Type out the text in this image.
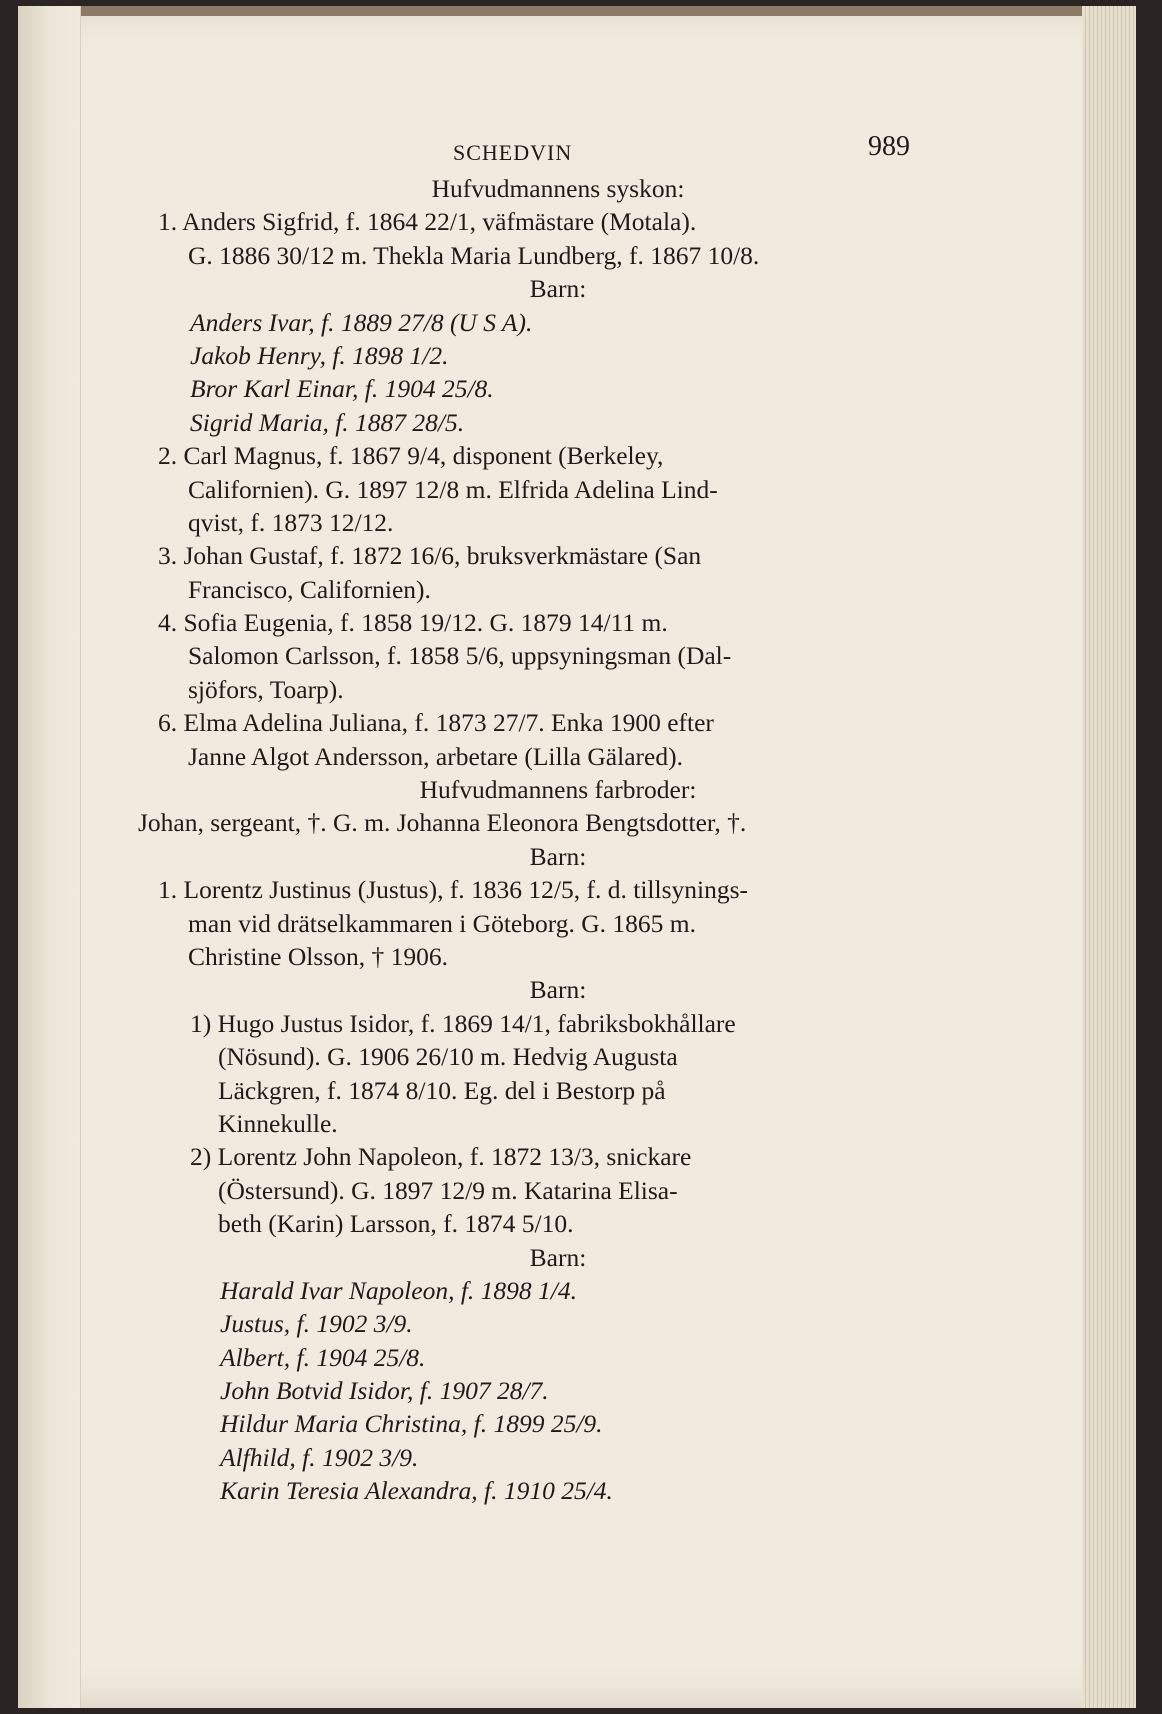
SCHEDVIN	989
Hufvudmannens syskon:
1. Anders Sigfrid, f. 1864 22/1, väfmästare (Motala).
G. 1886 30/12 m. Thekla Maria Lundberg, f. 1867 10/8.
Barn:
Anders Ivar, f. 1889 27/8 (U S A).
Jakob Henry, f. 1898 1/2.
Bror Karl Einar, f. 1904 25/8.
Sigrid Maria, f. 1887 28/5.
2. Carl Magnus, f. 1867 9/4, disponent (Berkeley,
Californien). G. 1897 12/8 m. Elfrida Adelina Lind-
qvist, f. 1873 12/12.
3. Johan Gustaf, f. 1872 16/6, bruksverkmästare (San
Francisco, Californien).
4. Sofia Eugenia, f. 1858 19/12. G. 1879 14/11 m.
Salomon Carlsson, f. 1858 5/6, uppsyningsman (Dal-
sjöfors, Toarp).
6. Elma Adelina Juliana, f. 1873 27/7. Enka 1900 efter
Janne Algot Andersson, arbetare (Lilla Gälared).
Hufvudmannens farbroder:
Johan, sergeant, †. G. m. Johanna Eleonora Bengtsdotter, †.
Barn:
1. Lorentz Justinus (Justus), f. 1836 12/5, f. d. tillsynings-
man vid drätselkammaren i Göteborg. G. 1865 m.
Christine Olsson, † 1906.
Barn:
1) Hugo Justus Isidor, f. 1869 14/1, fabriksbokhållare
(Nösund). G. 1906 26/10 m. Hedvig Augusta
Läckgren, f. 1874 8/10. Eg. del i Bestorp på
Kinnekulle.
2) Lorentz John Napoleon, f. 1872 13/3, snickare
(Östersund). G. 1897 12/9 m. Katarina Elisa-
beth (Karin) Larsson, f. 1874 5/10.
Barn:
Harald Ivar Napoleon, f. 1898 1/4.
Justus, f. 1902 3/9.
Albert, f. 1904 25/8.
John Botvid Isidor, f. 1907 28/7.
Hildur Maria Christina, f. 1899 25/9.
Alfhild, f. 1902 3/9.
Karin Teresia Alexandra, f. 1910 25/4.
